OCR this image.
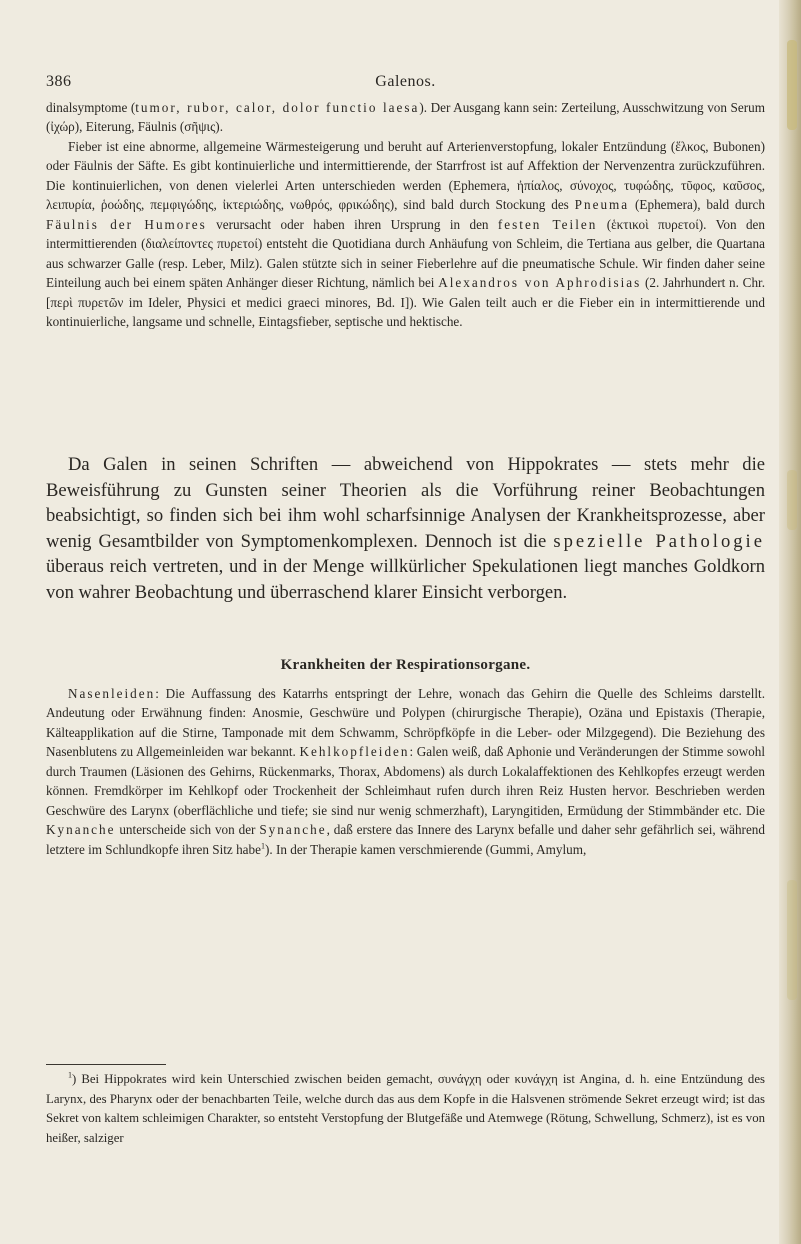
386	Galenos.

dinalsymptome (tumor, rubor, calor, dolor functio laesa). Der Ausgang kann sein: Zerteilung, Ausschwitzung von Serum (ἰχώρ), Eiterung, Fäulnis (σῆψις).

Fieber ist eine abnorme, allgemeine Wärmesteigerung und beruht auf Arterienverstopfung, lokaler Entzündung (ἕλκος, Bubonen) oder Fäulnis der Säfte. Es gibt kontinuierliche und intermittierende, der Starrfrost ist auf Affektion der Nervenzentra zurückzuführen. Die kontinuierlichen, von denen vielerlei Arten unterschieden werden (Ephemera, ἠπίαλος, σύνοχος, τυφώδης, τῦφος, καῦσος, λειπυρία, ῥοώδης, πεμφιγώδης, ἰκτεριώδης, νωθρός, φρικώδης), sind bald durch Stockung des Pneuma (Ephemera), bald durch Fäulnis der Humores verursacht oder haben ihren Ursprung in den festen Teilen (ἑκτικοὶ πυρετοί). Von den intermittierenden (διαλείποντες πυρετοί) entsteht die Quotidiana durch Anhäufung von Schleim, die Tertiana aus gelber, die Quartana aus schwarzer Galle (resp. Leber, Milz). Galen stützte sich in seiner Fieberlehre auf die pneumatische Schule. Wir finden daher seine Einteilung auch bei einem späten Anhänger dieser Richtung, nämlich bei Alexandros von Aphrodisias (2. Jahrhundert n. Chr. [περὶ πυρετῶν im Ideler, Physici et medici graeci minores, Bd. I]). Wie Galen teilt auch er die Fieber ein in intermittierende und kontinuierliche, langsame und schnelle, Eintagsfieber, septische und hektische.

Da Galen in seinen Schriften — abweichend von Hippokrates — stets mehr die Beweisführung zu Gunsten seiner Theorien als die Vorführung reiner Beobachtungen beabsichtigt, so finden sich bei ihm wohl scharfsinnige Analysen der Krankheitsprozesse, aber wenig Gesamtbilder von Symptomenkomplexen. Dennoch ist die spezielle Pathologie überaus reich vertreten, und in der Menge willkürlicher Spekulationen liegt manches Goldkorn von wahrer Beobachtung und überraschend klarer Einsicht verborgen.

Krankheiten der Respirationsorgane.

Nasenleiden: Die Auffassung des Katarrhs entspringt der Lehre, wonach das Gehirn die Quelle des Schleims darstellt. Andeutung oder Erwähnung finden: Anosmie, Geschwüre und Polypen (chirurgische Therapie), Ozäna und Epistaxis (Therapie, Kälteapplikation auf die Stirne, Tamponade mit dem Schwamm, Schröpfköpfe in die Leber- oder Milzgegend). Die Beziehung des Nasenblutens zu Allgemeinleiden war bekannt. Kehlkopfleiden: Galen weiß, daß Aphonie und Veränderungen der Stimme sowohl durch Traumen (Läsionen des Gehirns, Rückenmarks, Thorax, Abdomens) als durch Lokalaffektionen des Kehlkopfes erzeugt werden können. Fremdkörper im Kehlkopf oder Trockenheit der Schleimhaut rufen durch ihren Reiz Husten hervor. Beschrieben werden Geschwüre des Larynx (oberflächliche und tiefe; sie sind nur wenig schmerzhaft), Laryngitiden, Ermüdung der Stimmbänder etc. Die Kynanche unterscheide sich von der Synanche, daß erstere das Innere des Larynx befalle und daher sehr gefährlich sei, während letztere im Schlundkopfe ihren Sitz habe$^1$). In der Therapie kamen verschmierende (Gummi, Amylum,

$^1$) Bei Hippokrates wird kein Unterschied zwischen beiden gemacht, συνάγχη oder κυνάγχη ist Angina, d. h. eine Entzündung des Larynx, des Pharynx oder der benachbarten Teile, welche durch das aus dem Kopfe in die Halsvenen strömende Sekret erzeugt wird; ist das Sekret von kaltem schleimigen Charakter, so entsteht Verstopfung der Blutgefäße und Atemwege (Rötung, Schwellung, Schmerz), ist es von heißer, salziger
